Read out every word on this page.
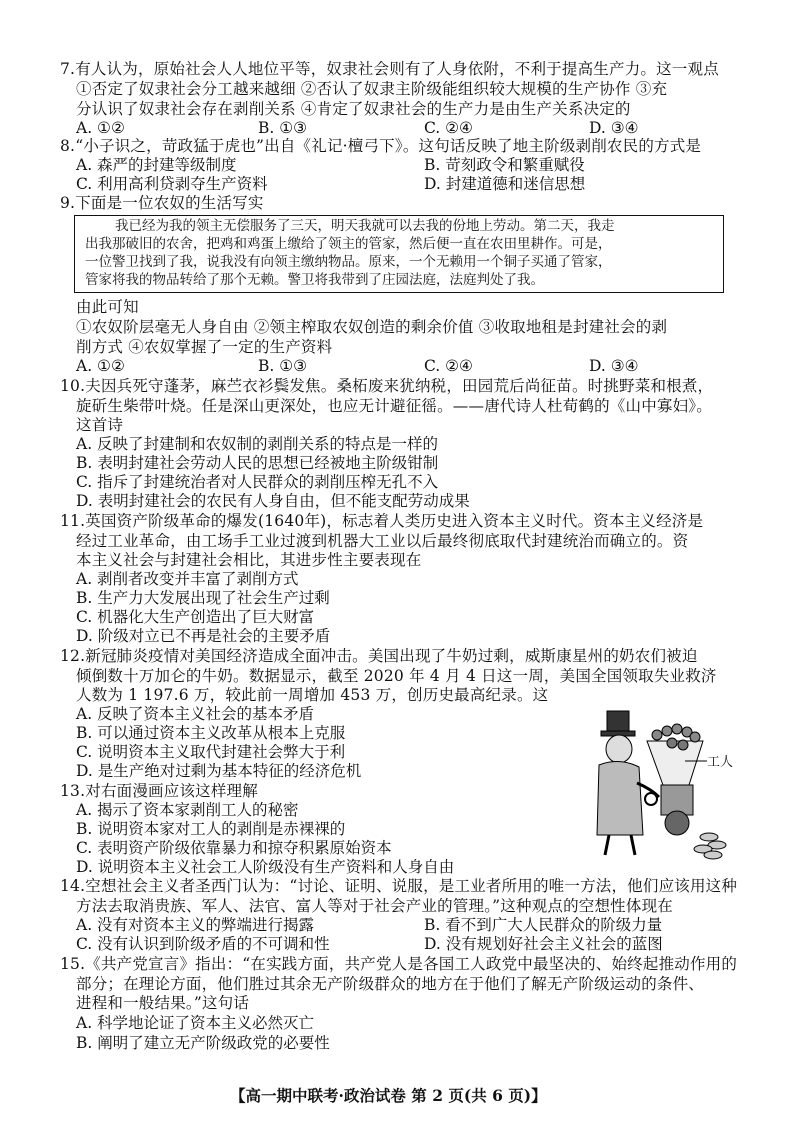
7.有人认为，原始社会人人地位平等，奴隶社会则有了人身依附，不利于提高生产力。这一观点
①否定了奴隶社会分工越来越细 ②否认了奴隶主阶级能组织较大规模的生产协作 ③充
分认识了奴隶社会存在剥削关系 ④肯定了奴隶社会的生产力是由生产关系决定的
A. ①②	B. ①③	C. ②④	D. ③④
8.“小子识之，苛政猛于虎也”出自《礼记·檀弓下》。这句话反映了地主阶级剥削农民的方式是
A. 森严的封建等级制度	B. 苛刻政令和繁重赋役
C. 利用高利贷剥夺生产资料	D. 封建道德和迷信思想
9.下面是一位农奴的生活写实
我已经为我的领主无偿服务了三天，明天我就可以去我的份地上劳动。第二天，我走
出我那破旧的农舍，把鸡和鸡蛋上缴给了领主的管家，然后便一直在农田里耕作。可是，
一位警卫找到了我，说我没有向领主缴纳物品。原来，一个无赖用一个铜子买通了管家，
管家将我的物品转给了那个无赖。警卫将我带到了庄园法庭，法庭判处了我。
由此可知
①农奴阶层毫无人身自由 ②领主榨取农奴创造的剩余价值 ③收取地租是封建社会的剥
削方式 ④农奴掌握了一定的生产资料
A. ①②	B. ①③	C. ②④	D. ③④
10.夫因兵死守蓬茅，麻苎衣衫鬓发焦。桑柘废来犹纳税，田园荒后尚征苗。时挑野菜和根煮，
旋斫生柴带叶烧。任是深山更深处，也应无计避征徭。——唐代诗人杜荀鹤的《山中寡妇》。
这首诗
A. 反映了封建制和农奴制的剥削关系的特点是一样的
B. 表明封建社会劳动人民的思想已经被地主阶级钳制
C. 指斥了封建统治者对人民群众的剥削压榨无孔不入
D. 表明封建社会的农民有人身自由，但不能支配劳动成果
11.英国资产阶级革命的爆发(1640年)，标志着人类历史进入资本主义时代。资本主义经济是
经过工业革命，由工场手工业过渡到机器大工业以后最终彻底取代封建统治而确立的。资
本主义社会与封建社会相比，其进步性主要表现在
A. 剥削者改变并丰富了剥削方式
B. 生产力大发展出现了社会生产过剩
C. 机器化大生产创造出了巨大财富
D. 阶级对立已不再是社会的主要矛盾
12.新冠肺炎疫情对美国经济造成全面冲击。美国出现了牛奶过剩，威斯康星州的奶农们被迫
倾倒数十万加仑的牛奶。数据显示，截至 2020 年 4 月 4 日这一周，美国全国领取失业救济
人数为 1 197.6 万，较此前一周增加 453 万，创历史最高纪录。这
A. 反映了资本主义社会的基本矛盾
B. 可以通过资本主义改革从根本上克服
C. 说明资本主义取代封建社会弊大于利
D. 是生产绝对过剩为基本特征的经济危机	工人
13.对右面漫画应该这样理解
A. 揭示了资本家剥削工人的秘密
B. 说明资本家对工人的剥削是赤裸裸的
C. 表明资产阶级依靠暴力和掠夺积累原始资本
D. 说明资本主义社会工人阶级没有生产资料和人身自由
14.空想社会主义者圣西门认为：“讨论、证明、说服，是工业者所用的唯一方法，他们应该用这种
方法去取消贵族、军人、法官、富人等对于社会产业的管理。”这种观点的空想性体现在
A. 没有对资本主义的弊端进行揭露	B. 看不到广大人民群众的阶级力量
C. 没有认识到阶级矛盾的不可调和性	D. 没有规划好社会主义社会的蓝图
15.《共产党宣言》指出：“在实践方面，共产党人是各国工人政党中最坚决的、始终起推动作用的
部分；在理论方面，他们胜过其余无产阶级群众的地方在于他们了解无产阶级运动的条件、
进程和一般结果。”这句话
A. 科学地论证了资本主义必然灭亡
B. 阐明了建立无产阶级政党的必要性
【高一期中联考·政治试卷 第 2 页(共 6 页)】
